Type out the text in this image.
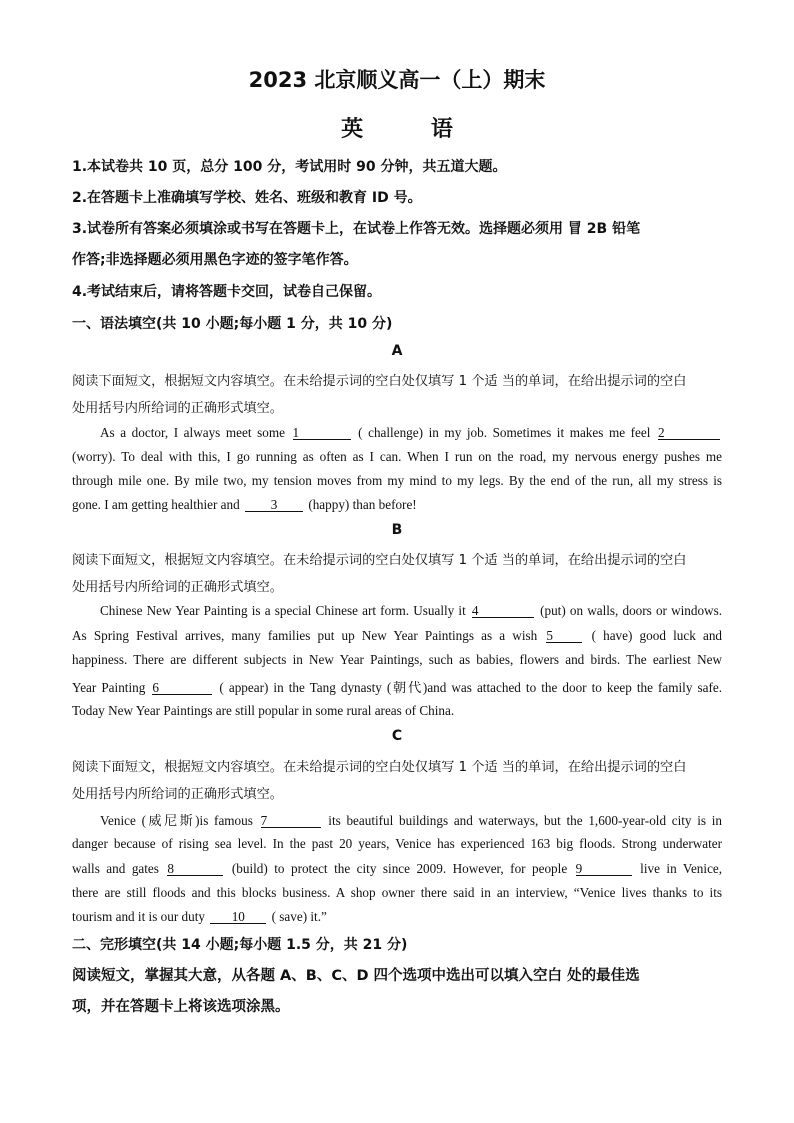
2023 北京顺义高一（上）期末
英 语
1.本试卷共 10 页，总分 100 分，考试用时 90 分钟，共五道大题。
2.在答题卡上准确填写学校、姓名、班级和教育 ID 号。
3.试卷所有答案必须填涂或书写在答题卡上，在试卷上作答无效。选择题必须用 冒 2B 铅笔
作答;非选择题必须用黑色字迹的签字笔作答。
4.考试结束后，请将答题卡交回，试卷自己保留。
一、语法填空(共 10 小题;每小题 1 分，共 10 分)
A
阅读下面短文，根据短文内容填空。在未给提示词的空白处仅填写 1 个适 当的单词，在给出提示词的空白
处用括号内所给词的正确形式填空。
As a doctor, I always meet some 1	( challenge) in my job. Sometimes it makes me feel 2
(worry). To deal with this, I go running as often as I can. When I run on the road, my nervous energy pushes me
through mile one. By mile two, my tension moves from my mind to my legs. By the end of the run, all my stress is
gone. I am getting healthier and 3 (happy) than before!
B
阅读下面短文，根据短文内容填空。在未给提示词的空白处仅填写 1 个适 当的单词，在给出提示词的空白
处用括号内所给词的正确形式填空。
Chinese New Year Painting is a special Chinese art form. Usually it 4	(put) on walls, doors or windows.
As Spring Festival arrives, many families put up New Year Paintings as a wish 5	( have) good luck and
happiness. There are different subjects in New Year Paintings, such as babies, flowers and birds. The earliest New
Year Painting 6	( appear) in the Tang dynasty (朝代)and was attached to the door to keep the family safe.
Today New Year Paintings are still popular in some rural areas of China.
C
阅读下面短文，根据短文内容填空。在未给提示词的空白处仅填写 1 个适 当的单词，在给出提示词的空白
处用括号内所给词的正确形式填空。
Venice (威尼斯)is famous 7	its beautiful buildings and waterways, but the 1,600-year-old city is in
danger because of rising sea level. In the past 20 years, Venice has experienced 163 big floods. Strong underwater
walls and gates 8	(build) to protect the city since 2009. However, for people 9	live in Venice,
there are still floods and this blocks business. A shop owner there said in an interview, “Venice lives thanks to its
tourism and it is our duty 10 ( save) it.”
二、完形填空(共 14 小题;每小题 1.5 分，共 21 分)
阅读短文，掌握其大意，从各题 A、B、C、D 四个选项中选出可以填入空白 处的最佳选
项，并在答题卡上将该选项涂黑。
